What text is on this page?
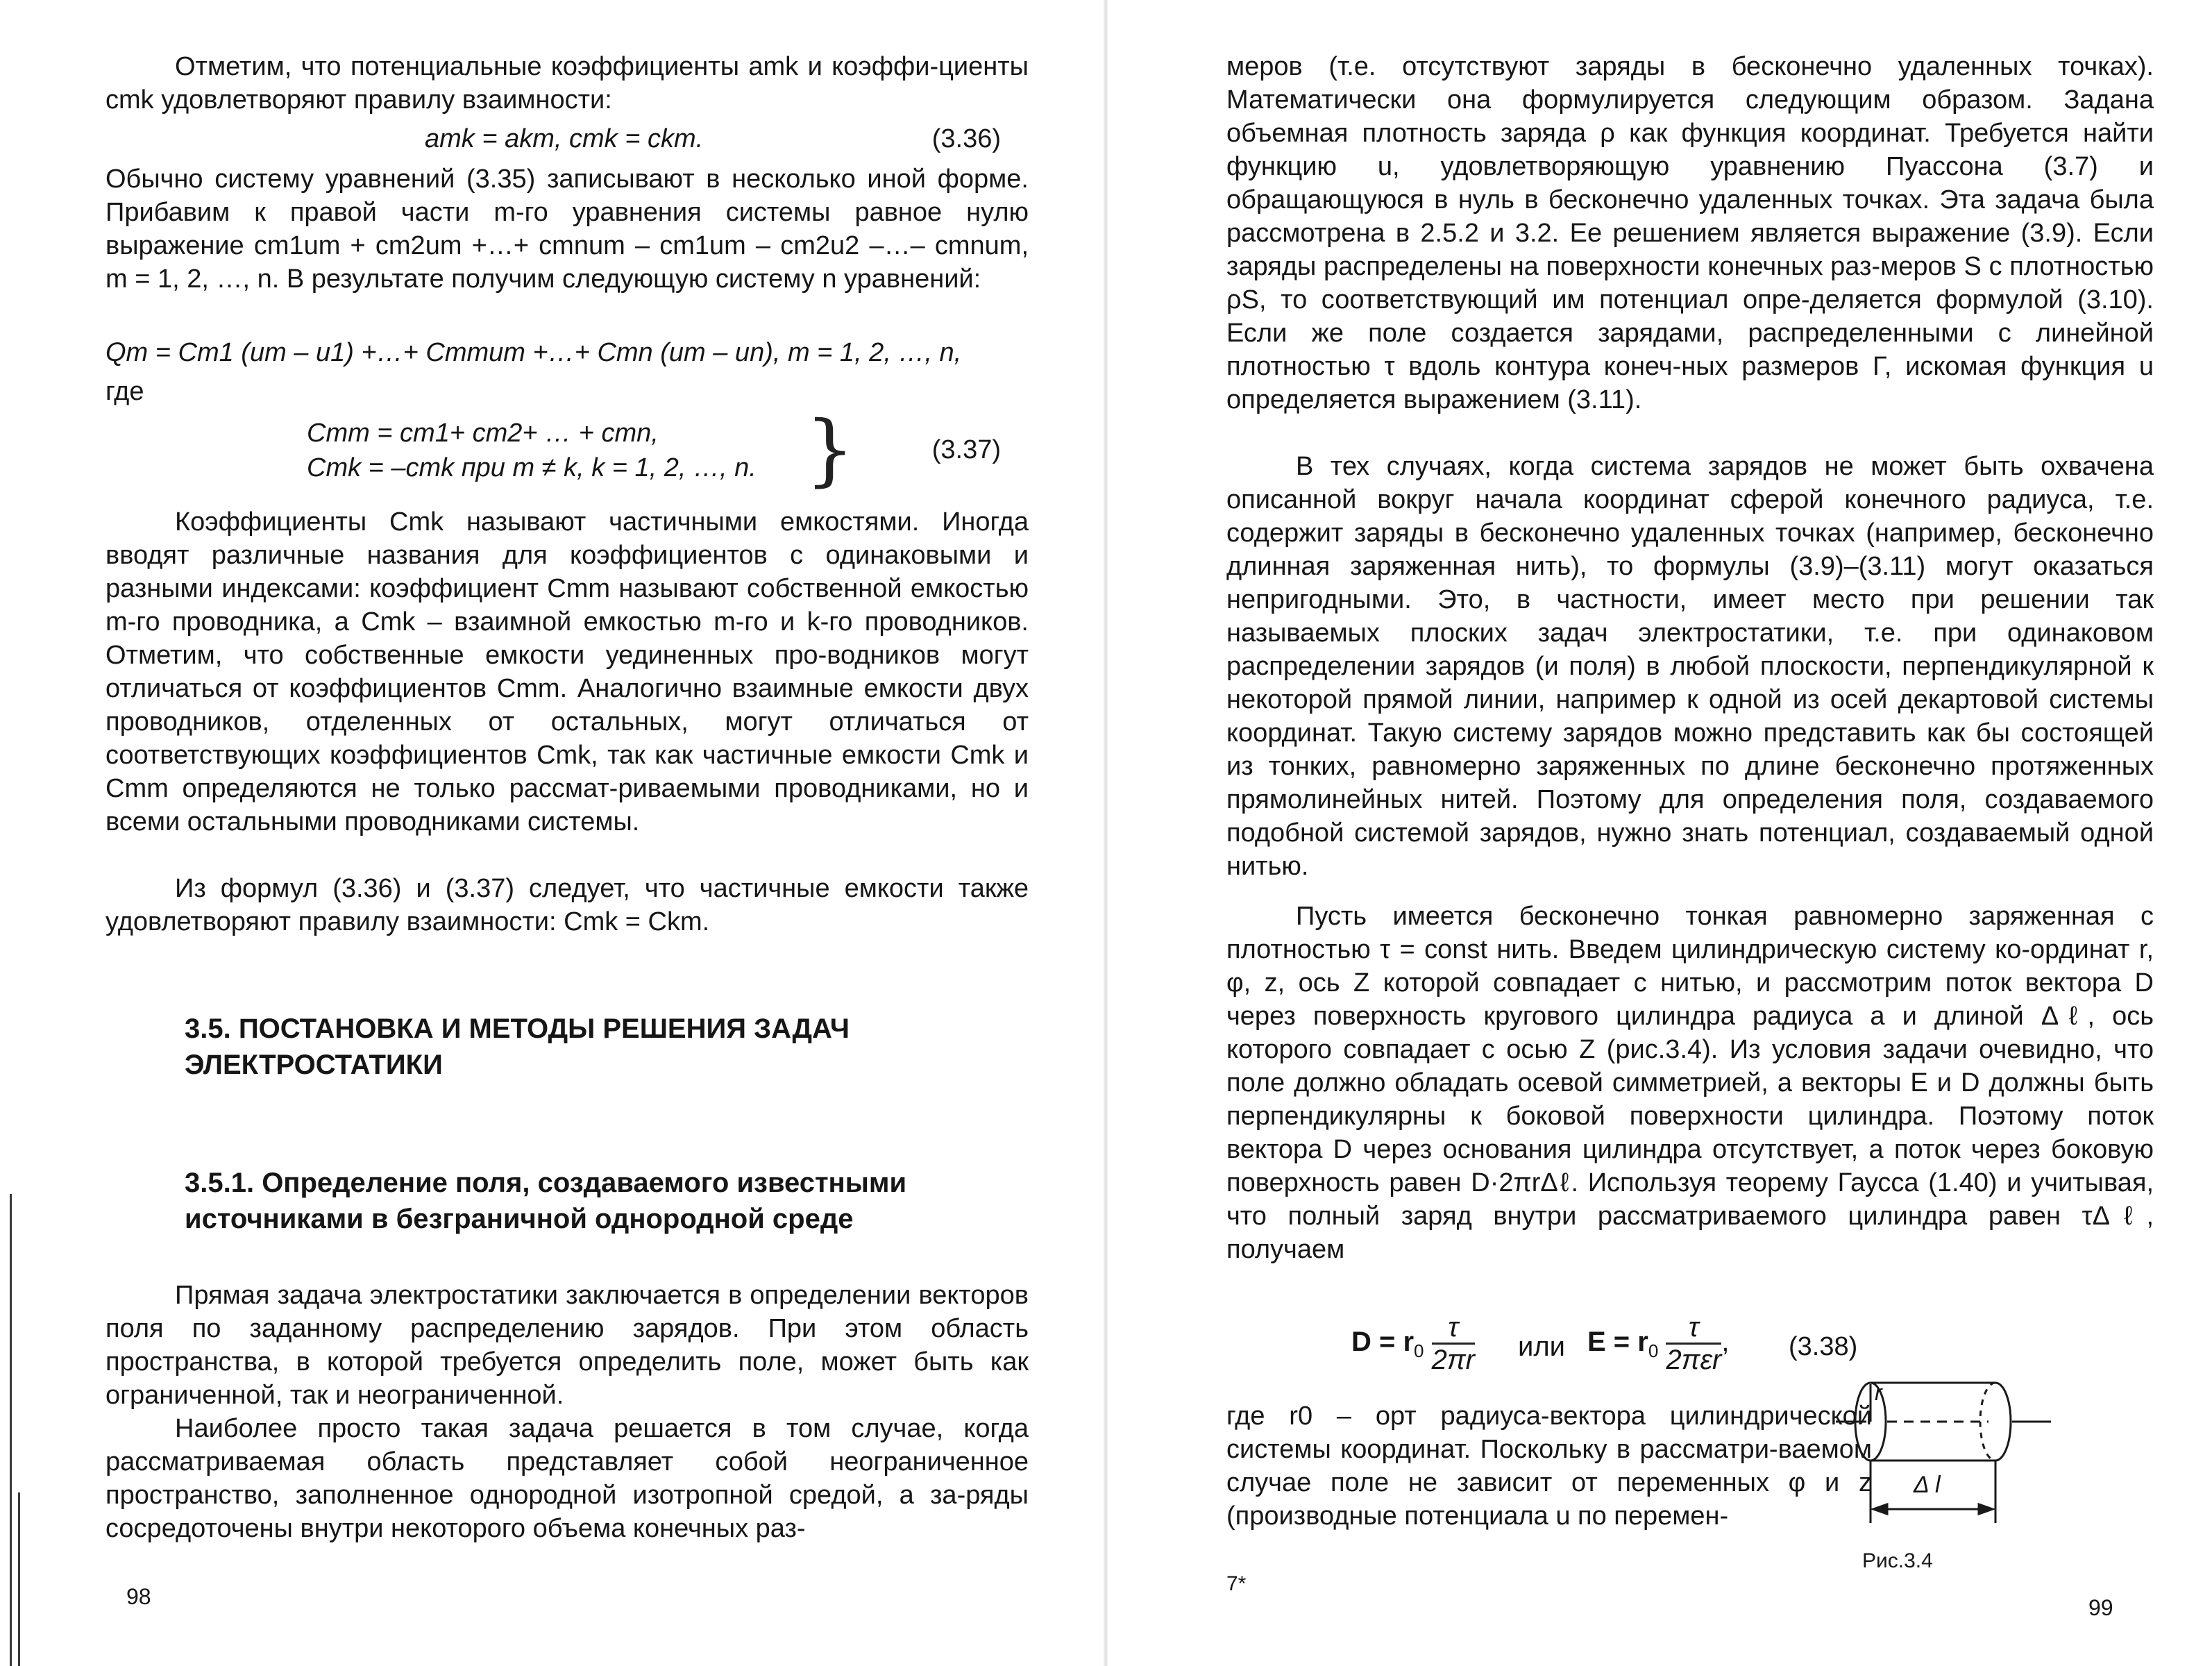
Отметим, что потенциальные коэффициенты amk и коэффи-циенты cmk удовлетворяют правилу взаимности:

amk = akm, cmk = ckm.	(3.36)

Обычно систему уравнений (3.35) записывают в несколько иной форме. Прибавим к правой части m-го уравнения системы равное нулю выражение cm1um + cm2um +…+ cmnum – cm1um – cm2u2 –…– cmnum, m = 1, 2, …, n. В результате получим следующую систему n уравнений:

Qm = Cm1 (um – u1) +…+ Cmmum +…+ Cmn (um – un), m = 1, 2, …, n,

где

Cmm = cm1+ cm2+ … + cmn,
Cmk = –cmk при m ≠ k, k = 1, 2, …, n. }	(3.37)

Коэффициенты Cmk называют частичными емкостями. Иногда вводят различные названия для коэффициентов с одинаковыми и разными индексами: коэффициент Cmm называют собственной емкостью m-го проводника, а Cmk – взаимной емкостью m-го и k-го проводников. Отметим, что собственные емкости уединенных про-водников могут отличаться от коэффициентов Cmm. Аналогично взаимные емкости двух проводников, отделенных от остальных, могут отличаться от соответствующих коэффициентов Cmk, так как частичные емкости Cmk и Cmm определяются не только рассмат-риваемыми проводниками, но и всеми остальными проводниками системы.

Из формул (3.36) и (3.37) следует, что частичные емкости также удовлетворяют правилу взаимности: Cmk = Ckm.

3.5. ПОСТАНОВКА И МЕТОДЫ РЕШЕНИЯ ЗАДАЧ ЭЛЕКТРОСТАТИКИ
3.5.1. Определение поля, создаваемого известными источниками в безграничной однородной среде

Прямая задача электростатики заключается в определении векторов поля по заданному распределению зарядов. При этом область пространства, в которой требуется определить поле, может быть как ограниченной, так и неограниченной.

Наиболее просто такая задача решается в том случае, когда рассматриваемая область представляет собой неограниченное пространство, заполненное однородной изотропной средой, а за-ряды сосредоточены внутри некоторого объема конечных раз-

98

меров (т.е. отсутствуют заряды в бесконечно удаленных точках). Математически она формулируется следующим образом. Задана объемная плотность заряда ρ как функция координат. Требуется найти функцию u, удовлетворяющую уравнению Пуассона (3.7) и обращающуюся в нуль в бесконечно удаленных точках. Эта задача была рассмотрена в 2.5.2 и 3.2. Ее решением является выражение (3.9). Если заряды распределены на поверхности конечных раз-меров S с плотностью ρS, то соответствующий им потенциал опре-деляется формулой (3.10). Если же поле создается зарядами, распределенными с линейной плотностью τ вдоль контура конеч-ных размеров Γ, искомая функция u определяется выражением (3.11).

В тех случаях, когда система зарядов не может быть охвачена описанной вокруг начала координат сферой конечного радиуса, т.е. содержит заряды в бесконечно удаленных точках (например, бесконечно длинная заряженная нить), то формулы (3.9)–(3.11) могут оказаться непригодными. Это, в частности, имеет место при решении так называемых плоских задач электростатики, т.е. при одинаковом распределении зарядов (и поля) в любой плоскости, перпендикулярной к некоторой прямой линии, например к одной из осей декартовой системы координат. Такую систему зарядов можно представить как бы состоящей из тонких, равномерно заряженных по длине бесконечно протяженных прямолинейных нитей. Поэтому для определения поля, создаваемого подобной системой зарядов, нужно знать потенциал, создаваемый одной нитью.

Пусть имеется бесконечно тонкая равномерно заряженная с плотностью τ = const нить. Введем цилиндрическую систему ко-ординат r, φ, z, ось Z которой совпадает с нитью, и рассмотрим поток вектора D через поверхность кругового цилиндра радиуса a и длиной Δℓ, ось которого совпадает с осью Z (рис.3.4). Из условия задачи очевидно, что поле должно обладать осевой симметрией, а векторы E и D должны быть перпендикулярны к боковой поверхности цилиндра. Поэтому поток вектора D через основания цилиндра отсутствует, а поток через боковую поверхность равен D·2πrΔℓ. Используя теорему Гаусса (1.40) и учитывая, что полный заряд внутри рассматриваемого цилиндра равен τΔℓ, получаем

$D = r_0 \frac{\tau}{2\pi r}$ или $E = r_0 \frac{\tau}{\text{2πεr}}$ , (3.38)

где r0 – орт радиуса-вектора цилиндрической системы координат. Поскольку в рассматри-ваемом случае поле не зависит от переменных φ и z (производные потенциала u по перемен-

r
Δ l
Рис.3.4
7*
99
